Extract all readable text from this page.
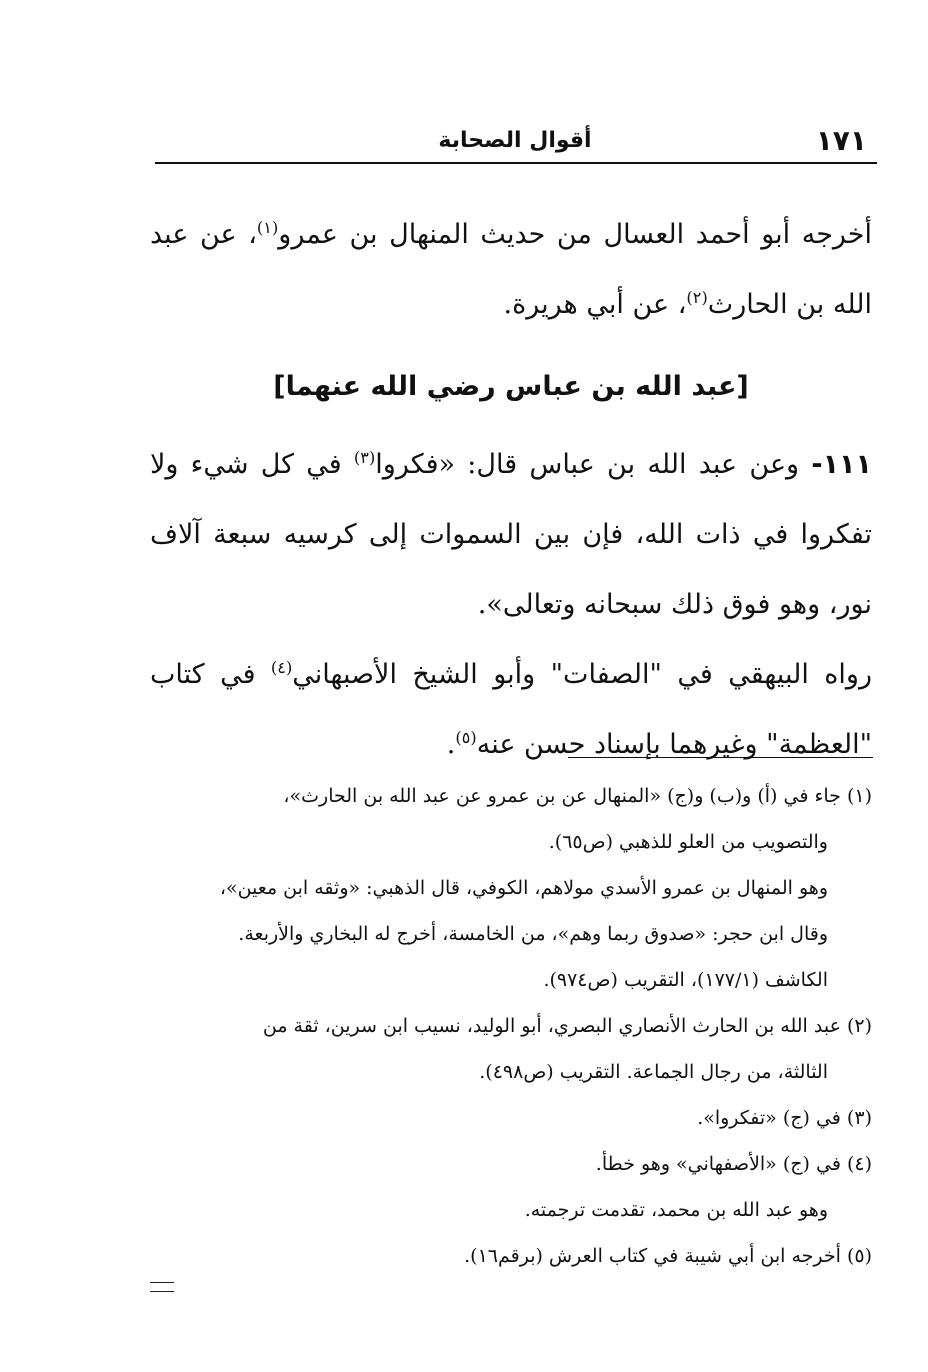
١٧١
أقوال الصحابة

أخرجه أبو أحمد العسال من حديث المنهال بن عمرو$^{(١)}$، عن عبد الله بن الحارث$^{(٢)}$، عن أبي هريرة.

[عبد الله بن عباس رضي الله عنهما]

١١١- وعن عبد الله بن عباس قال: «فكروا$^{(٣)}$ في كل شيء ولا تفكروا في ذات الله، فإن بين السموات إلى كرسيه سبعة آلاف نور، وهو فوق ذلك سبحانه وتعالى».

رواه البيهقي في "الصفات" وأبو الشيخ الأصبهاني$^{(٤)}$ في كتاب "العظمة" وغيرهما بإسناد حسن عنه$^{(٥)}$.

(١) جاء في (أ) و(ب) و(ج) «المنهال عن بن عمرو عن عبد الله بن الحارث»،

والتصويب من العلو للذهبي (ص٦٥).

وهو المنهال بن عمرو الأسدي مولاهم، الكوفي، قال الذهبي: «وثقه ابن معين»،

وقال ابن حجر: «صدوق ربما وهم»، من الخامسة، أخرج له البخاري والأربعة.

الكاشف (١٧٧/١)، التقريب (ص٩٧٤).

(٢) عبد الله بن الحارث الأنصاري البصري، أبو الوليد، نسيب ابن سرين، ثقة من

الثالثة، من رجال الجماعة. التقريب (ص٤٩٨).

(٣) في (ج) «تفكروا».

(٤) في (ج) «الأصفهاني» وهو خطأ.

وهو عبد الله بن محمد، تقدمت ترجمته.

(٥) أخرجه ابن أبي شيبة في كتاب العرش (برقم١٦).
